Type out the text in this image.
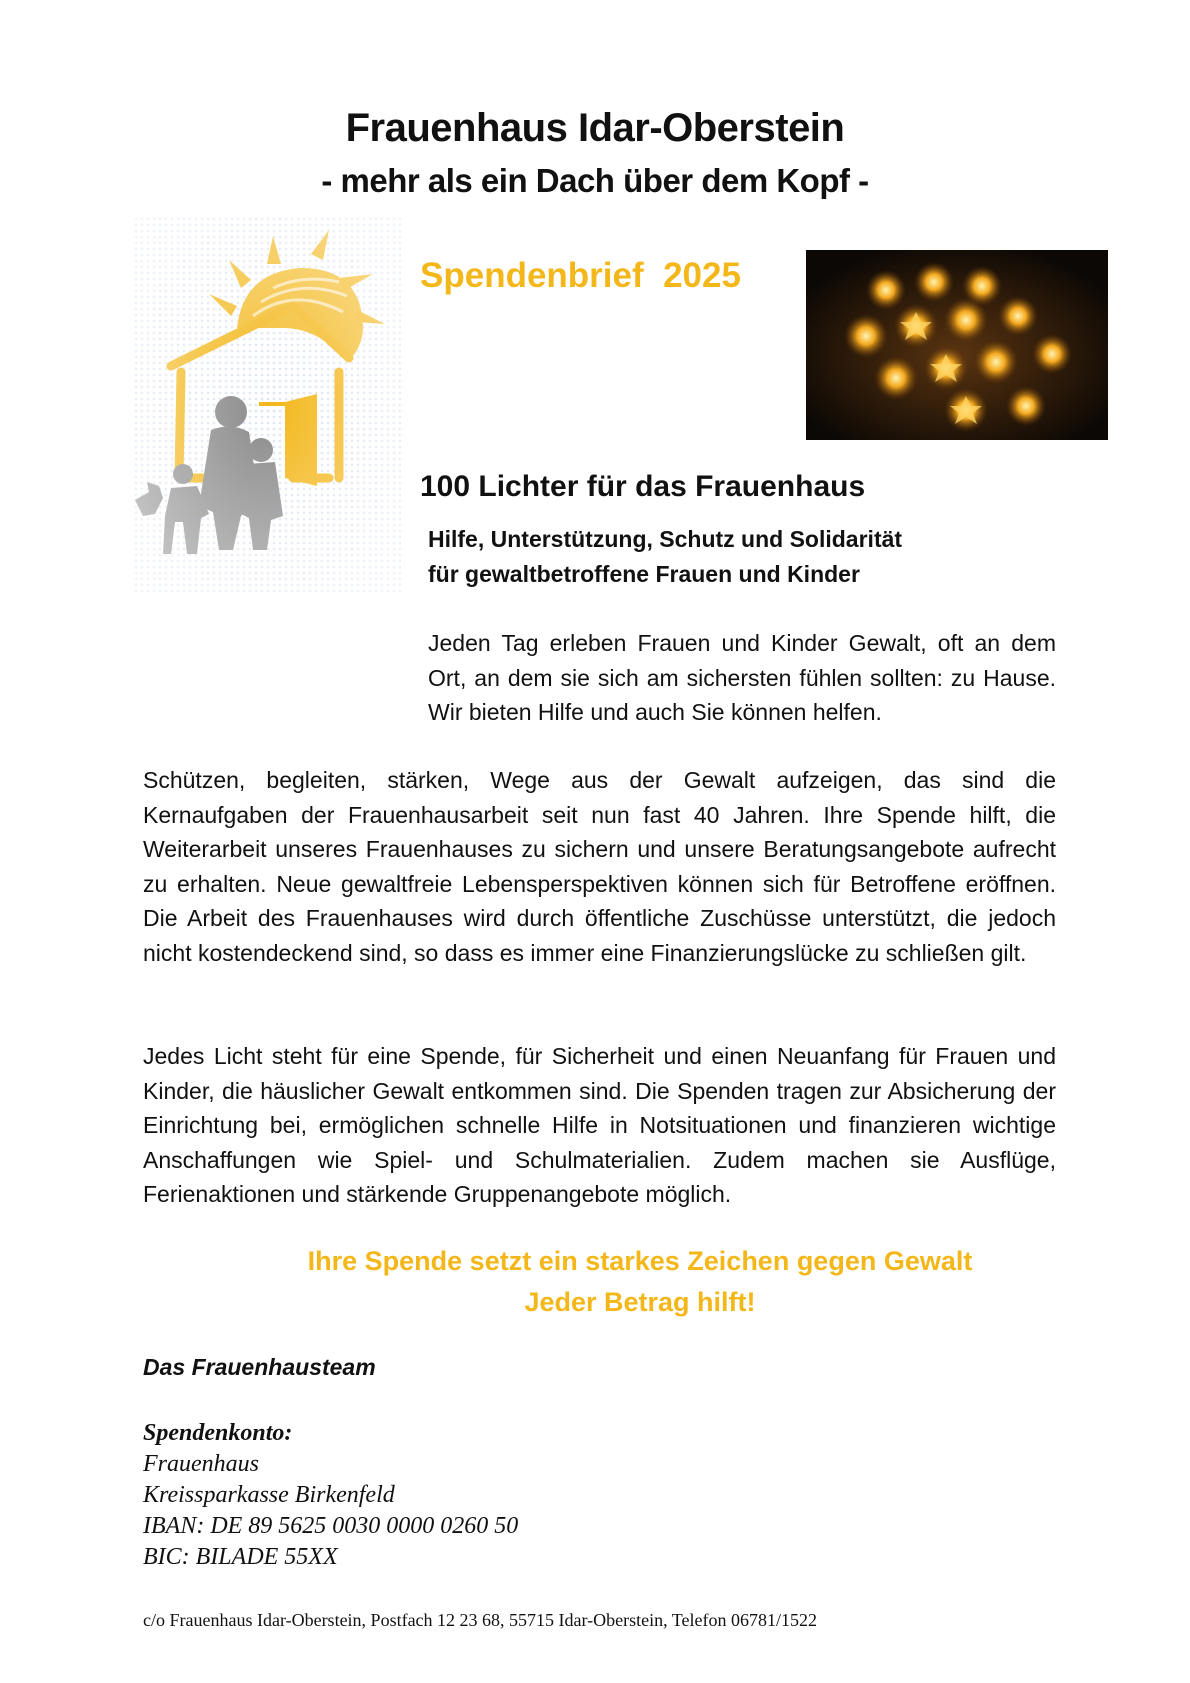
Frauenhaus Idar-Oberstein
- mehr als ein Dach über dem Kopf -
Spendenbrief  2025
100 Lichter für das Frauenhaus
Hilfe, Unterstützung, Schutz und Solidarität
für gewaltbetroffene Frauen und Kinder
Jeden Tag erleben Frauen und Kinder Gewalt, oft an dem Ort, an dem sie sich am sichersten fühlen sollten: zu Hause. Wir bieten Hilfe und auch Sie können helfen.
Schützen, begleiten, stärken, Wege aus der Gewalt aufzeigen, das sind die Kernaufgaben der Frauenhausarbeit seit nun fast 40 Jahren. Ihre Spende hilft, die Weiterarbeit unseres Frauenhauses zu sichern und unsere Beratungsangebote aufrecht zu erhalten. Neue gewaltfreie Lebensperspektiven können sich für Betroffene eröffnen. Die Arbeit des Frauenhauses wird durch öffentliche Zuschüsse unterstützt, die jedoch nicht kostendeckend sind, so dass es immer eine Finanzierungslücke zu schließen gilt.
Jedes Licht steht für eine Spende, für Sicherheit und einen Neuanfang für Frauen und Kinder, die häuslicher Gewalt entkommen sind. Die Spenden tragen zur Absicherung der Einrichtung bei, ermöglichen schnelle Hilfe in Notsituationen und finanzieren wichtige Anschaffungen wie Spiel- und Schulmaterialien. Zudem machen sie Ausflüge, Ferienaktionen und stärkende Gruppenangebote möglich.
Ihre Spende setzt ein starkes Zeichen gegen Gewalt
Jeder Betrag hilft!
Das Frauenhausteam
Spendenkonto:
Frauenhaus
Kreissparkasse Birkenfeld
IBAN: DE 89 5625 0030 0000 0260 50
BIC: BILADE 55XX
c/o Frauenhaus Idar-Oberstein, Postfach 12 23 68, 55715 Idar-Oberstein, Telefon 06781/1522
